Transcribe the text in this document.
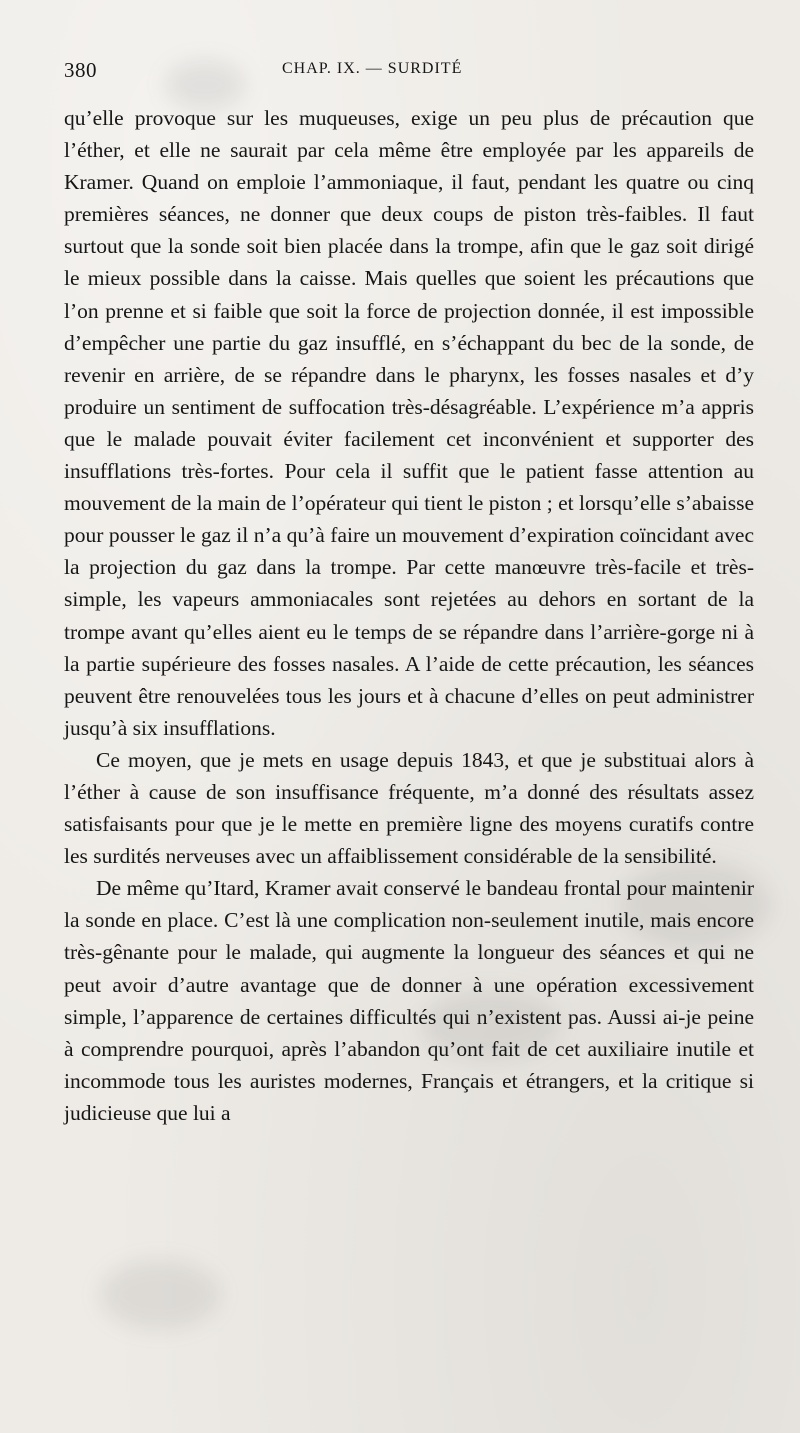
380	CHAP. IX. — SURDITÉ

qu’elle provoque sur les muqueuses, exige un peu plus de précaution que l’éther, et elle ne saurait par cela même être employée par les appareils de Kramer. Quand on emploie l’ammoniaque, il faut, pendant les quatre ou cinq premières séances, ne donner que deux coups de piston très-faibles. Il faut surtout que la sonde soit bien placée dans la trompe, afin que le gaz soit dirigé le mieux possible dans la caisse. Mais quelles que soient les précautions que l’on prenne et si faible que soit la force de projection donnée, il est impossible d’empêcher une partie du gaz insufflé, en s’échappant du bec de la sonde, de revenir en arrière, de se répandre dans le pharynx, les fosses nasales et d’y produire un sentiment de suffocation très-désagréable. L’expérience m’a appris que le malade pouvait éviter facilement cet inconvénient et supporter des insufflations très-fortes. Pour cela il suffit que le patient fasse attention au mouvement de la main de l’opérateur qui tient le piston ; et lorsqu’elle s’abaisse pour pousser le gaz il n’a qu’à faire un mouvement d’expiration coïncidant avec la projection du gaz dans la trompe. Par cette manœuvre très-facile et très-simple, les vapeurs ammoniacales sont rejetées au dehors en sortant de la trompe avant qu’elles aient eu le temps de se répandre dans l’arrière-gorge ni à la partie supérieure des fosses nasales. A l’aide de cette précaution, les séances peuvent être renouvelées tous les jours et à chacune d’elles on peut administrer jusqu’à six insufflations.

Ce moyen, que je mets en usage depuis 1843, et que je substituai alors à l’éther à cause de son insuffisance fréquente, m’a donné des résultats assez satisfaisants pour que je le mette en première ligne des moyens curatifs contre les surdités nerveuses avec un affaiblissement considérable de la sensibilité.

De même qu’Itard, Kramer avait conservé le bandeau frontal pour maintenir la sonde en place. C’est là une complication non-seulement inutile, mais encore très-gênante pour le malade, qui augmente la longueur des séances et qui ne peut avoir d’autre avantage que de donner à une opération excessivement simple, l’apparence de certaines difficultés qui n’existent pas. Aussi ai-je peine à comprendre pourquoi, après l’abandon qu’ont fait de cet auxiliaire inutile et incommode tous les auristes modernes, Français et étrangers, et la critique si judicieuse que lui a
